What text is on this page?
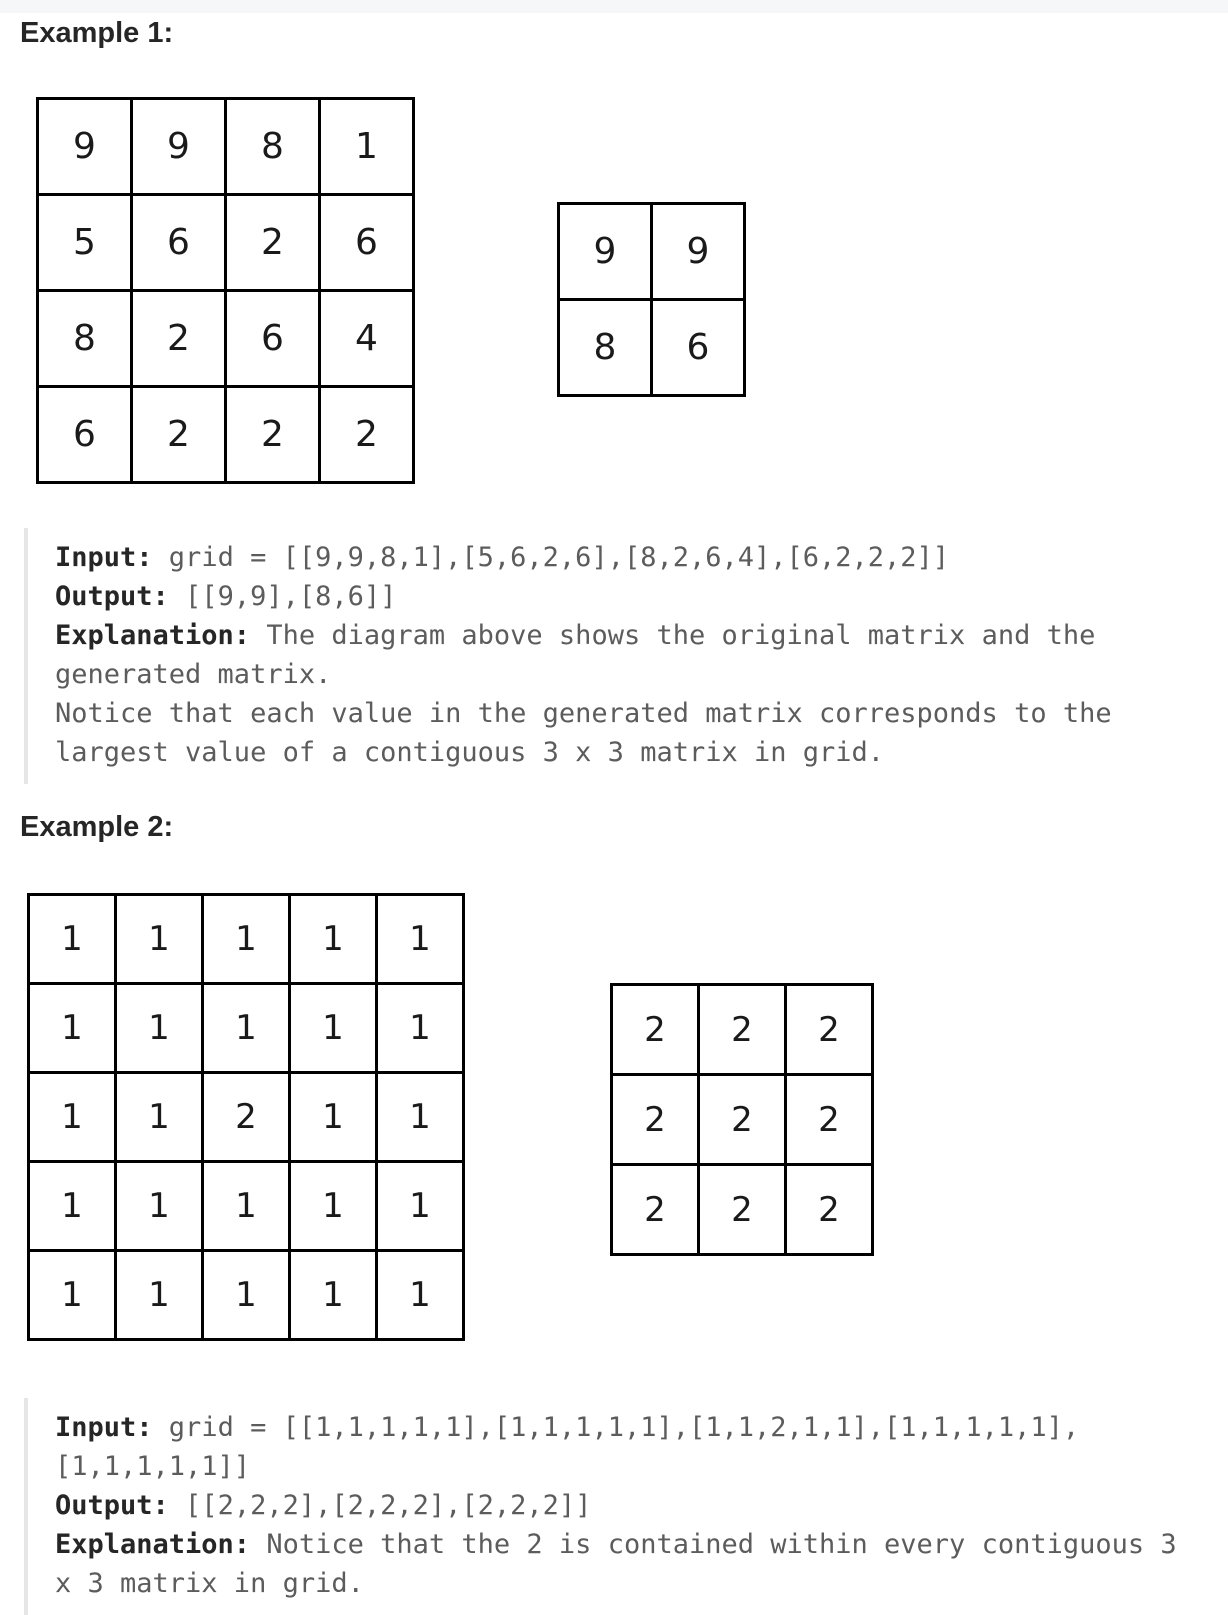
Example 1:
9	9	8	1
5	6	2	6
8	2	6	4
6	2	2	2
9	9
8	6
Input: grid = [[9,9,8,1],[5,6,2,6],[8,2,6,4],[6,2,2,2]]
Output: [[9,9],[8,6]]
Explanation: The diagram above shows the original matrix and the
generated matrix.
Notice that each value in the generated matrix corresponds to the
largest value of a contiguous 3 x 3 matrix in grid.
Example 2:
1	1	1	1	1
1	1	1	1	1
1	1	2	1	1
1	1	1	1	1
1	1	1	1	1
2	2	2
2	2	2
2	2	2
Input: grid = [[1,1,1,1,1],[1,1,1,1,1],[1,1,2,1,1],[1,1,1,1,1],
[1,1,1,1,1]]
Output: [[2,2,2],[2,2,2],[2,2,2]]
Explanation: Notice that the 2 is contained within every contiguous 3
x 3 matrix in grid.
